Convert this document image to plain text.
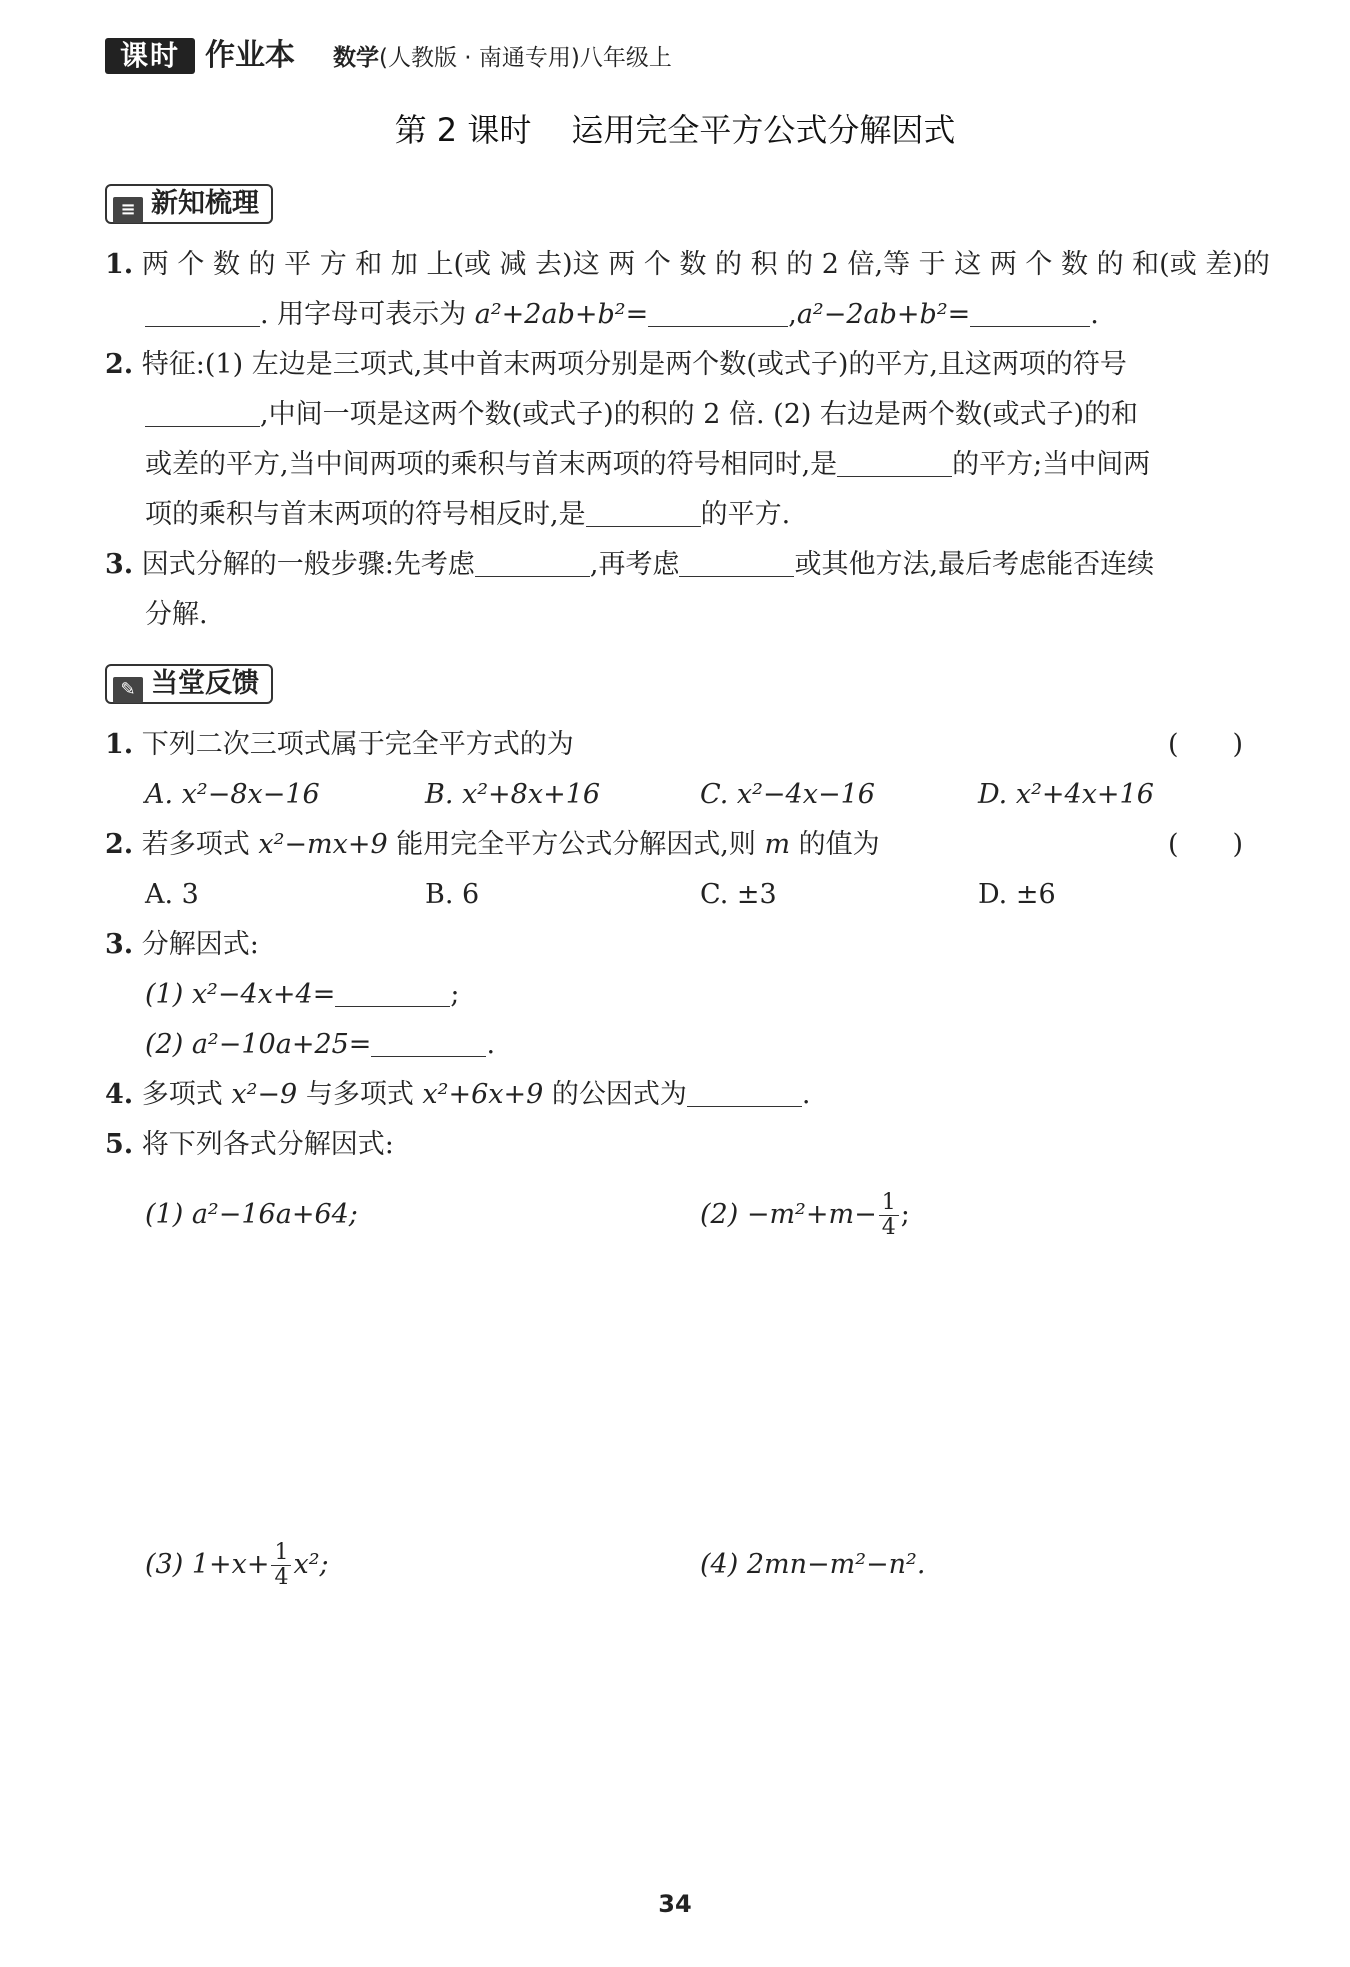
课时 作业本 数学(人教版 · 南通专用)八年级上
第 2 课时 运用完全平方公式分解因式
≡ 新知梳理
1. 两 个 数 的 平 方 和 加 上(或 减 去)这 两 个 数 的 积 的 2 倍,等 于 这 两 个 数 的 和(或 差)的
. 用字母可表示为 a²+2ab+b²=	,a²−2ab+b²=	.
2. 特征:(1) 左边是三项式,其中首末两项分别是两个数(或式子)的平方,且这两项的符号
,中间一项是这两个数(或式子)的积的 2 倍. (2) 右边是两个数(或式子)的和
或差的平方,当中间两项的乘积与首末两项的符号相同时,是	的平方;当中间两
项的乘积与首末两项的符号相反时,是	的平方.
3. 因式分解的一般步骤:先考虑	,再考虑	或其他方法,最后考虑能否连续
分解.
✎ 当堂反馈
1. 下列二次三项式属于完全平方式的为	(　　)
A. x²−8x−16	B. x²+8x+16	C. x²−4x−16	D. x²+4x+16
2. 若多项式 x²−mx+9 能用完全平方公式分解因式,则 m 的值为	(　　)
A. 3	B. 6	C. ±3	D. ±6
3. 分解因式:
(1) x²−4x+4=	;
(2) a²−10a+25=	.
4. 多项式 x²−9 与多项式 x²+6x+9 的公因式为	.
5. 将下列各式分解因式:
(1) a²−16a+64;	$(2) -m^2+m- \frac{1}{4}$ ;
(3) $1+x+ \frac{1}{4} x^2$;	(4) 2mn−m²−n².
34
